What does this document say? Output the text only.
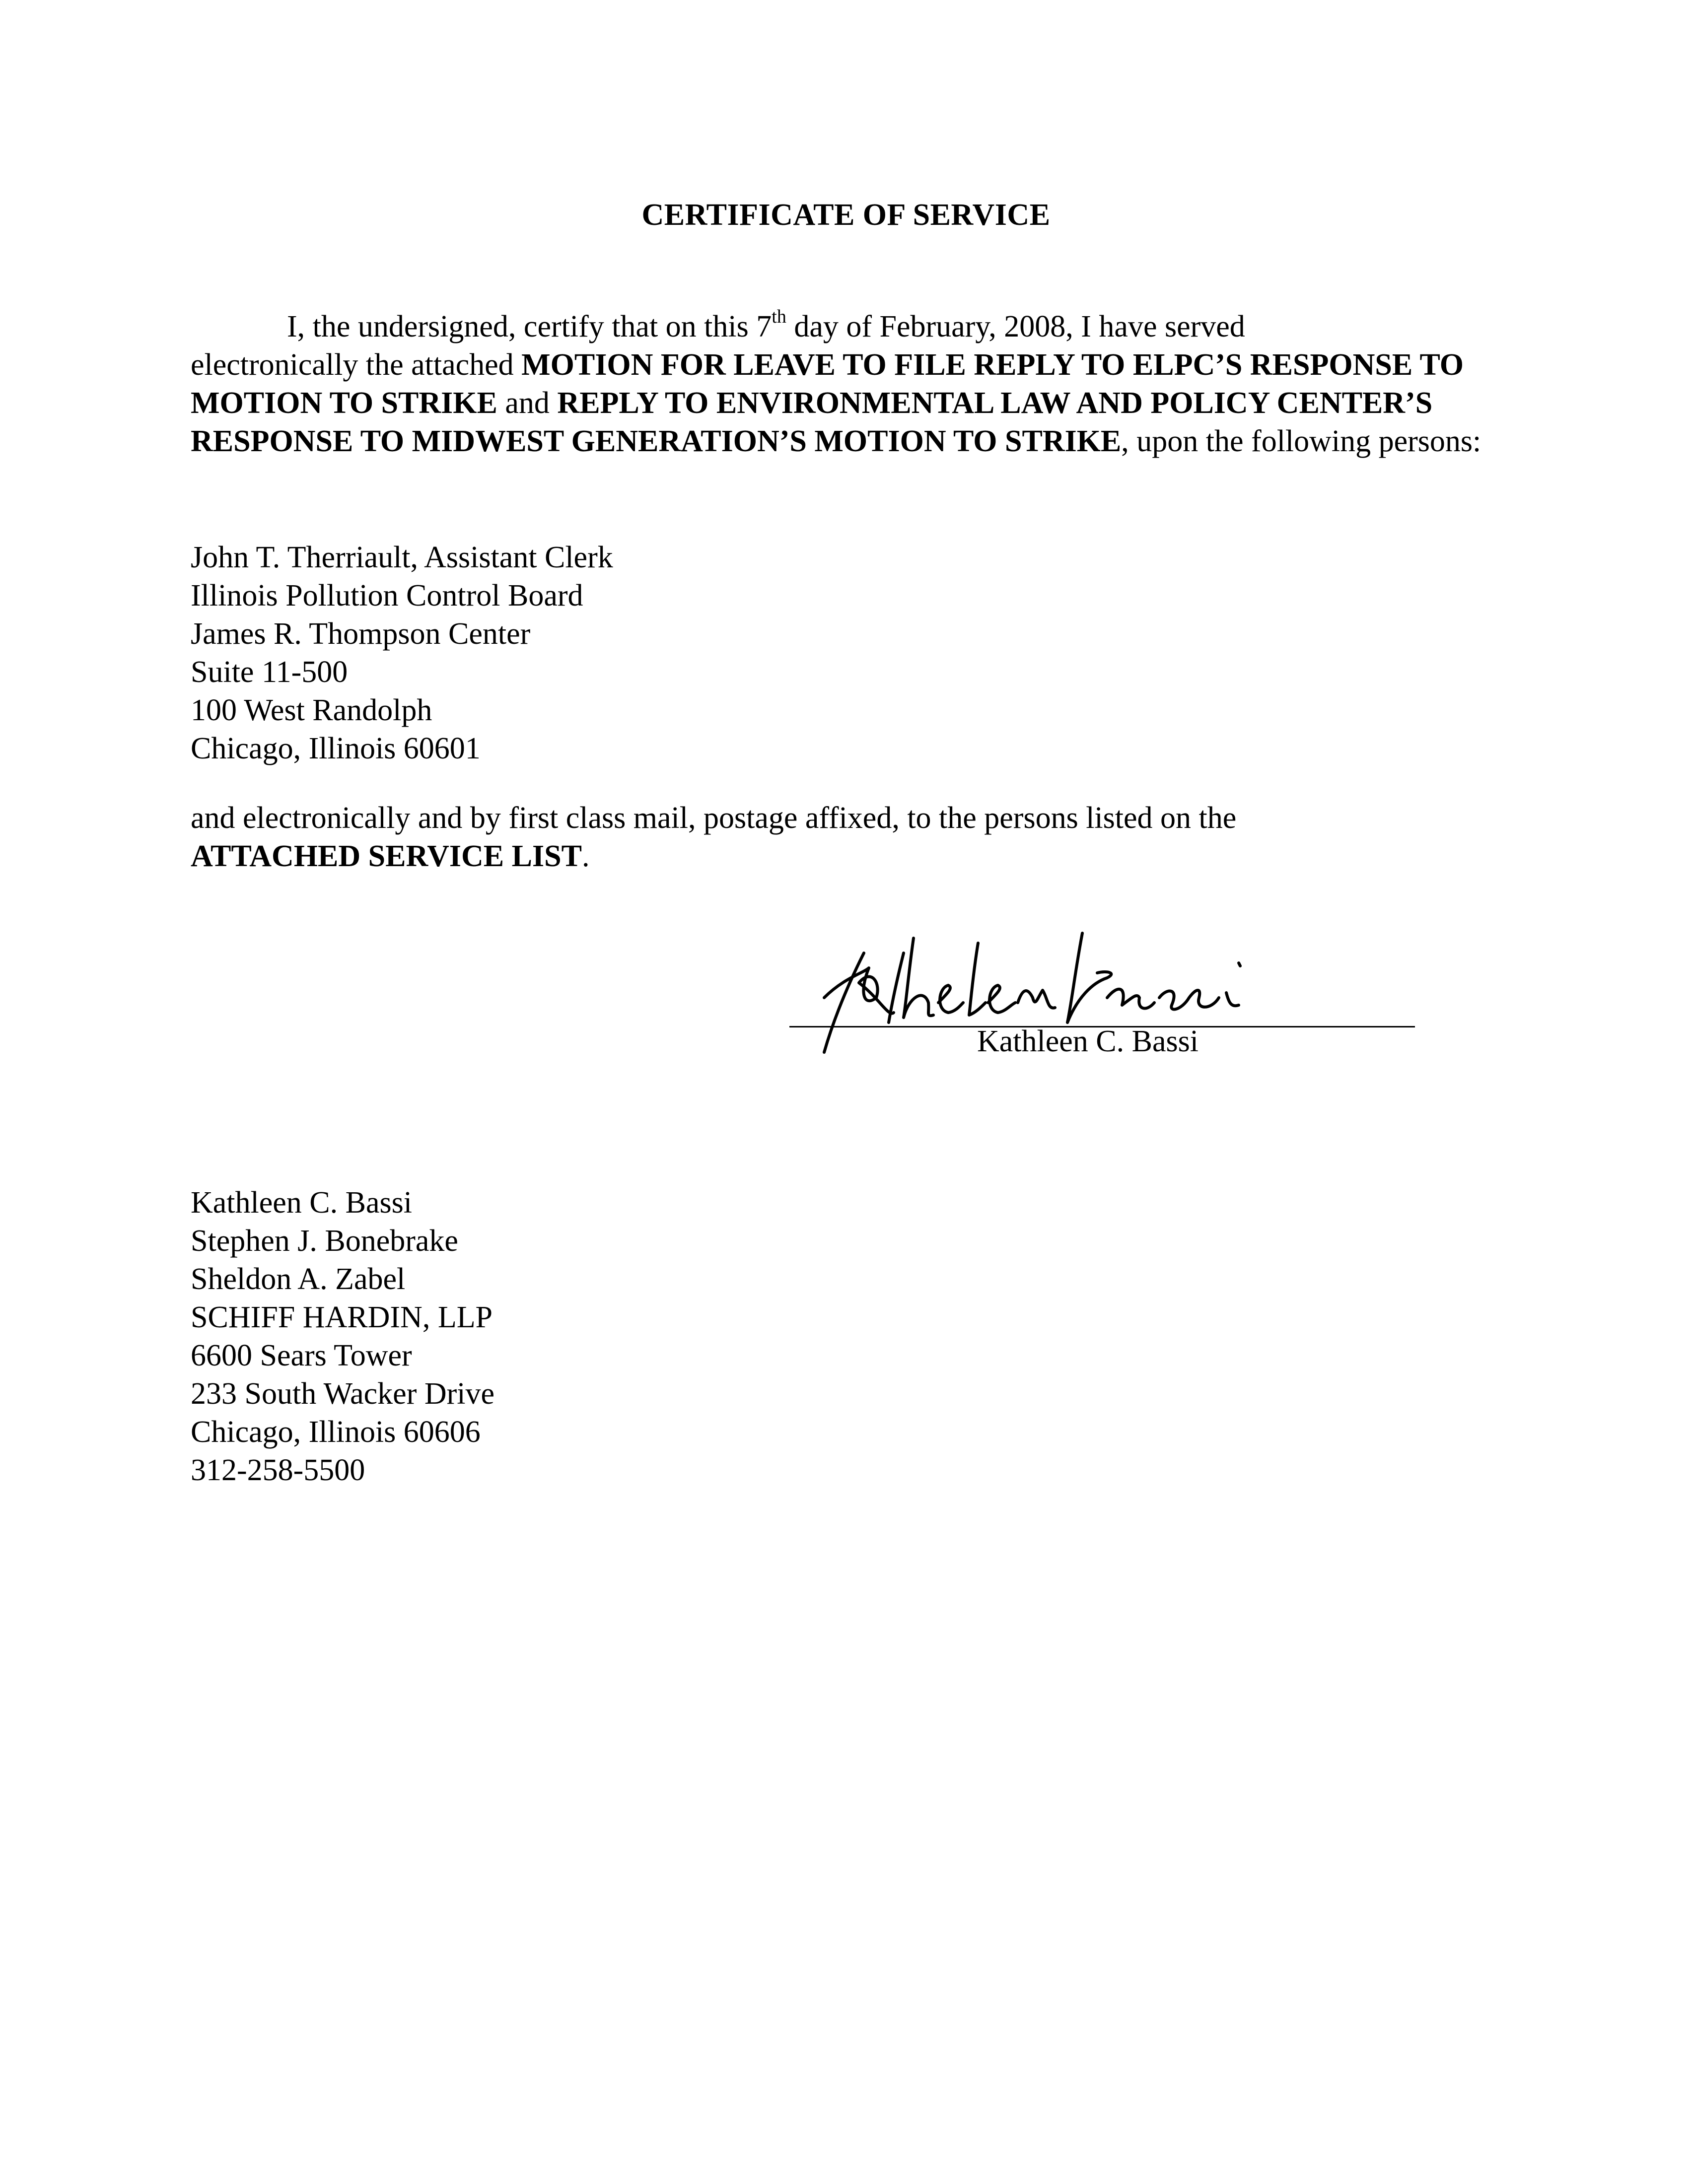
CERTIFICATE OF SERVICE

I, the undersigned, certify that on this 7th day of February, 2008, I have served
electronically the attached MOTION FOR LEAVE TO FILE REPLY TO ELPC’S RESPONSE TO MOTION TO STRIKE and REPLY TO ENVIRONMENTAL LAW AND POLICY CENTER’S RESPONSE TO MIDWEST GENERATION’S MOTION TO STRIKE, upon the following persons:

John T. Therriault, Assistant Clerk
Illinois Pollution Control Board
James R. Thompson Center
Suite 11-500
100 West Randolph
Chicago, Illinois 60601

and electronically and by first class mail, postage affixed, to the persons listed on the
ATTACHED SERVICE LIST.

Kathleen C. Bassi
Kathleen C. Bassi
Stephen J. Bonebrake
Sheldon A. Zabel
SCHIFF HARDIN, LLP
6600 Sears Tower
233 South Wacker Drive
Chicago, Illinois 60606
312-258-5500
